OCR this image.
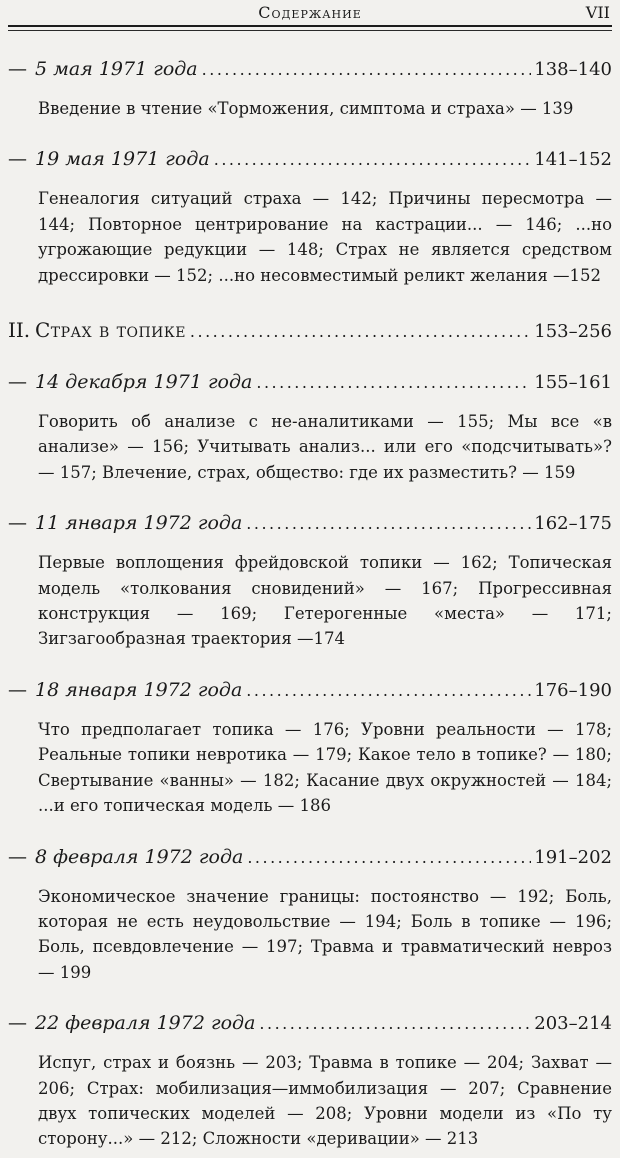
Содержание	VII
— 5 мая 1971 года .....	138–140
Введение в чтение «Торможения, симптома и страха» — 139
— 19 мая 1971 года .....	141–152
Генеалогия ситуаций страха — 142; Причины пересмотра — 144; Повторное центрирование на кастрации... — 146; ...но угрожающие редукции — 148; Страх не является средством дрессировки — 152; ...но несовместимый реликт желания —152
II. Страх в топике .....	153–256
— 14 декабря 1971 года .....	155–161
Говорить об анализе с не-аналитиками — 155; Мы все «в анализе» — 156; Учитывать анализ... или его «подсчитывать»? — 157; Влечение, страх, общество: где их разместить? — 159
— 11 января 1972 года .....	162–175
Первые воплощения фрейдовской топики — 162; Топическая модель «толкования сновидений» — 167; Прогрессивная конструкция — 169; Гетерогенные «места» — 171; Зигзагообразная траектория —174
— 18 января 1972 года .....	176–190
Что предполагает топика — 176; Уровни реальности — 178; Реальные топики невротика — 179; Какое тело в топике? — 180; Свертывание «ванны» — 182; Касание двух окружностей — 184; ...и его топическая модель — 186
— 8 февраля 1972 года .....	191–202
Экономическое значение границы: постоянство — 192; Боль, которая не есть неудовольствие — 194; Боль в топике — 196; Боль, псевдовлечение — 197; Травма и травматический невроз — 199
— 22 февраля 1972 года .....	203–214
Испуг, страх и боязнь — 203; Травма в топике — 204; Захват — 206; Страх: мобилизация—иммобилизация — 207; Сравнение двух топических моделей — 208; Уровни модели из «По ту сторону...» — 212; Сложности «деривации» — 213
